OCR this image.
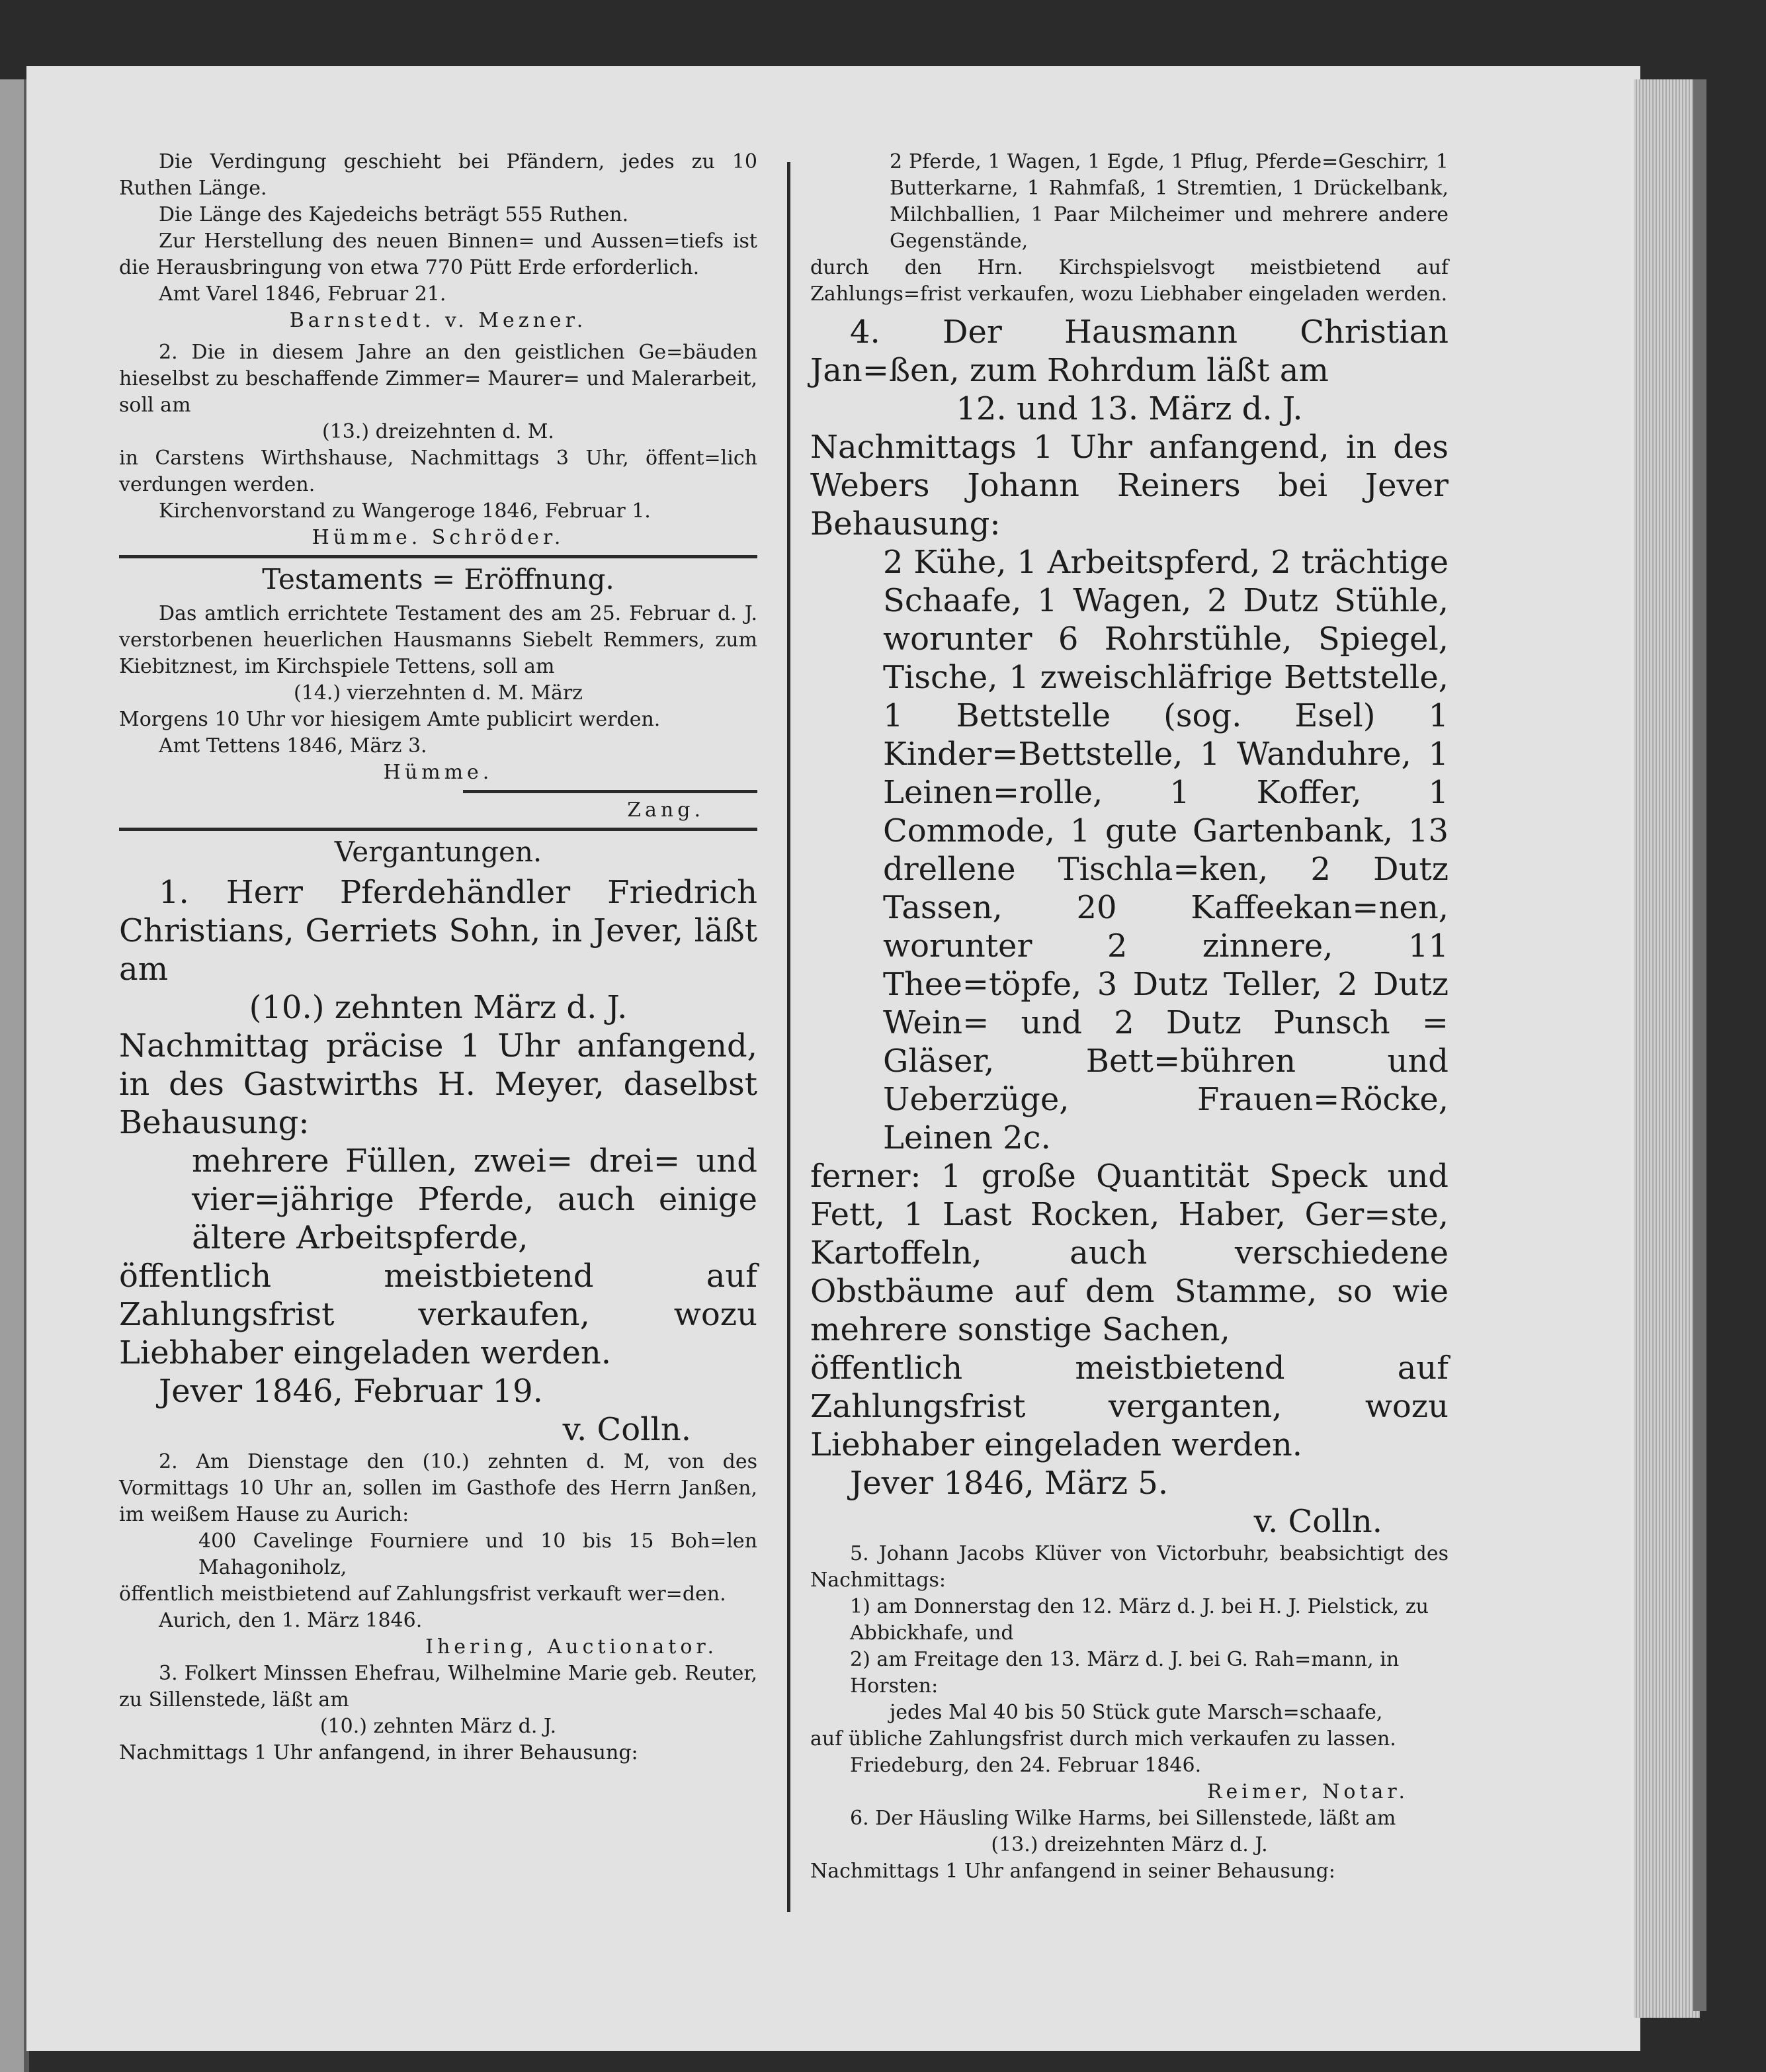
Die Verdingung geschieht bei Pfändern, jedes zu 10 Ruthen Länge.

Die Länge des Kajedeichs beträgt 555 Ruthen.

Zur Herstellung des neuen Binnen= und Aussen=tiefs ist die Herausbringung von etwa 770 Pütt Erde erforderlich.

Amt Varel 1846, Februar 21.

Barnstedt. v. Mezner.

2. Die in diesem Jahre an den geistlichen Ge=bäuden hieselbst zu beschaffende Zimmer= Maurer= und Malerarbeit, soll am

(13.) dreizehnten d. M.

in Carstens Wirthshause, Nachmittags 3 Uhr, öffent=lich verdungen werden.

Kirchenvorstand zu Wangeroge 1846, Februar 1.

Hümme. Schröder.

Testaments = Eröffnung.

Das amtlich errichtete Testament des am 25. Februar d. J. verstorbenen heuerlichen Hausmanns Siebelt Remmers, zum Kiebitznest, im Kirchspiele Tettens, soll am

(14.) vierzehnten d. M. März

Morgens 10 Uhr vor hiesigem Amte publicirt werden.

Amt Tettens 1846, März 3.

Hümme.

Zang.

Vergantungen.

1. Herr Pferdehändler Friedrich Christians, Gerriets Sohn, in Jever, läßt am

(10.) zehnten März d. J.

Nachmittag präcise 1 Uhr anfangend, in des Gastwirths H. Meyer, daselbst Behausung:

mehrere Füllen, zwei= drei= und vier=jährige Pferde, auch einige ältere Arbeitspferde,

öffentlich meistbietend auf Zahlungsfrist verkaufen, wozu Liebhaber eingeladen werden.

Jever 1846, Februar 19.

v. Colln.

2. Am Dienstage den (10.) zehnten d. M, von des Vormittags 10 Uhr an, sollen im Gasthofe des Herrn Janßen, im weißem Hause zu Aurich:

400 Cavelinge Fourniere und 10 bis 15 Boh=len Mahagoniholz,

öffentlich meistbietend auf Zahlungsfrist verkauft wer=den.

Aurich, den 1. März 1846.

Ihering, Auctionator.

3. Folkert Minssen Ehefrau, Wilhelmine Marie geb. Reuter, zu Sillenstede, läßt am

(10.) zehnten März d. J.

Nachmittags 1 Uhr anfangend, in ihrer Behausung:

2 Pferde, 1 Wagen, 1 Egde, 1 Pflug, Pferde=Geschirr, 1 Butterkarne, 1 Rahmfaß, 1 Stremtien, 1 Drückelbank, Milchballien, 1 Paar Milcheimer und mehrere andere Gegenstände,

durch den Hrn. Kirchspielsvogt meistbietend auf Zahlungs=frist verkaufen, wozu Liebhaber eingeladen werden.

4. Der Hausmann Christian Jan=ßen, zum Rohrdum läßt am

12. und 13. März d. J.

Nachmittags 1 Uhr anfangend, in des Webers Johann Reiners bei Jever Behausung:

2 Kühe, 1 Arbeitspferd, 2 trächtige Schaafe, 1 Wagen, 2 Dutz Stühle, worunter 6 Rohrstühle, Spiegel, Tische, 1 zweischläfrige Bettstelle, 1 Bettstelle (sog. Esel) 1 Kinder=Bettstelle, 1 Wanduhre, 1 Leinen=rolle, 1 Koffer, 1 Commode, 1 gute Gartenbank, 13 drellene Tischla=ken, 2 Dutz Tassen, 20 Kaffeekan=nen, worunter 2 zinnere, 11 Thee=töpfe, 3 Dutz Teller, 2 Dutz Wein= und 2 Dutz Punsch = Gläser, Bett=bühren und Ueberzüge, Frauen=Röcke, Leinen 2c.

ferner: 1 große Quantität Speck und Fett, 1 Last Rocken, Haber, Ger=ste, Kartoffeln, auch verschiedene Obstbäume auf dem Stamme, so wie mehrere sonstige Sachen,

öffentlich meistbietend auf Zahlungsfrist verganten, wozu Liebhaber eingeladen werden.

Jever 1846, März 5.

v. Colln.

5. Johann Jacobs Klüver von Victorbuhr, beabsichtigt des Nachmittags:

1) am Donnerstag den 12. März d. J. bei H. J. Pielstick, zu Abbickhafe, und

2) am Freitage den 13. März d. J. bei G. Rah=mann, in Horsten:

jedes Mal 40 bis 50 Stück gute Marsch=schaafe,

auf übliche Zahlungsfrist durch mich verkaufen zu lassen.

Friedeburg, den 24. Februar 1846.

Reimer, Notar.

6. Der Häusling Wilke Harms, bei Sillenstede, läßt am

(13.) dreizehnten März d. J.

Nachmittags 1 Uhr anfangend in seiner Behausung:
